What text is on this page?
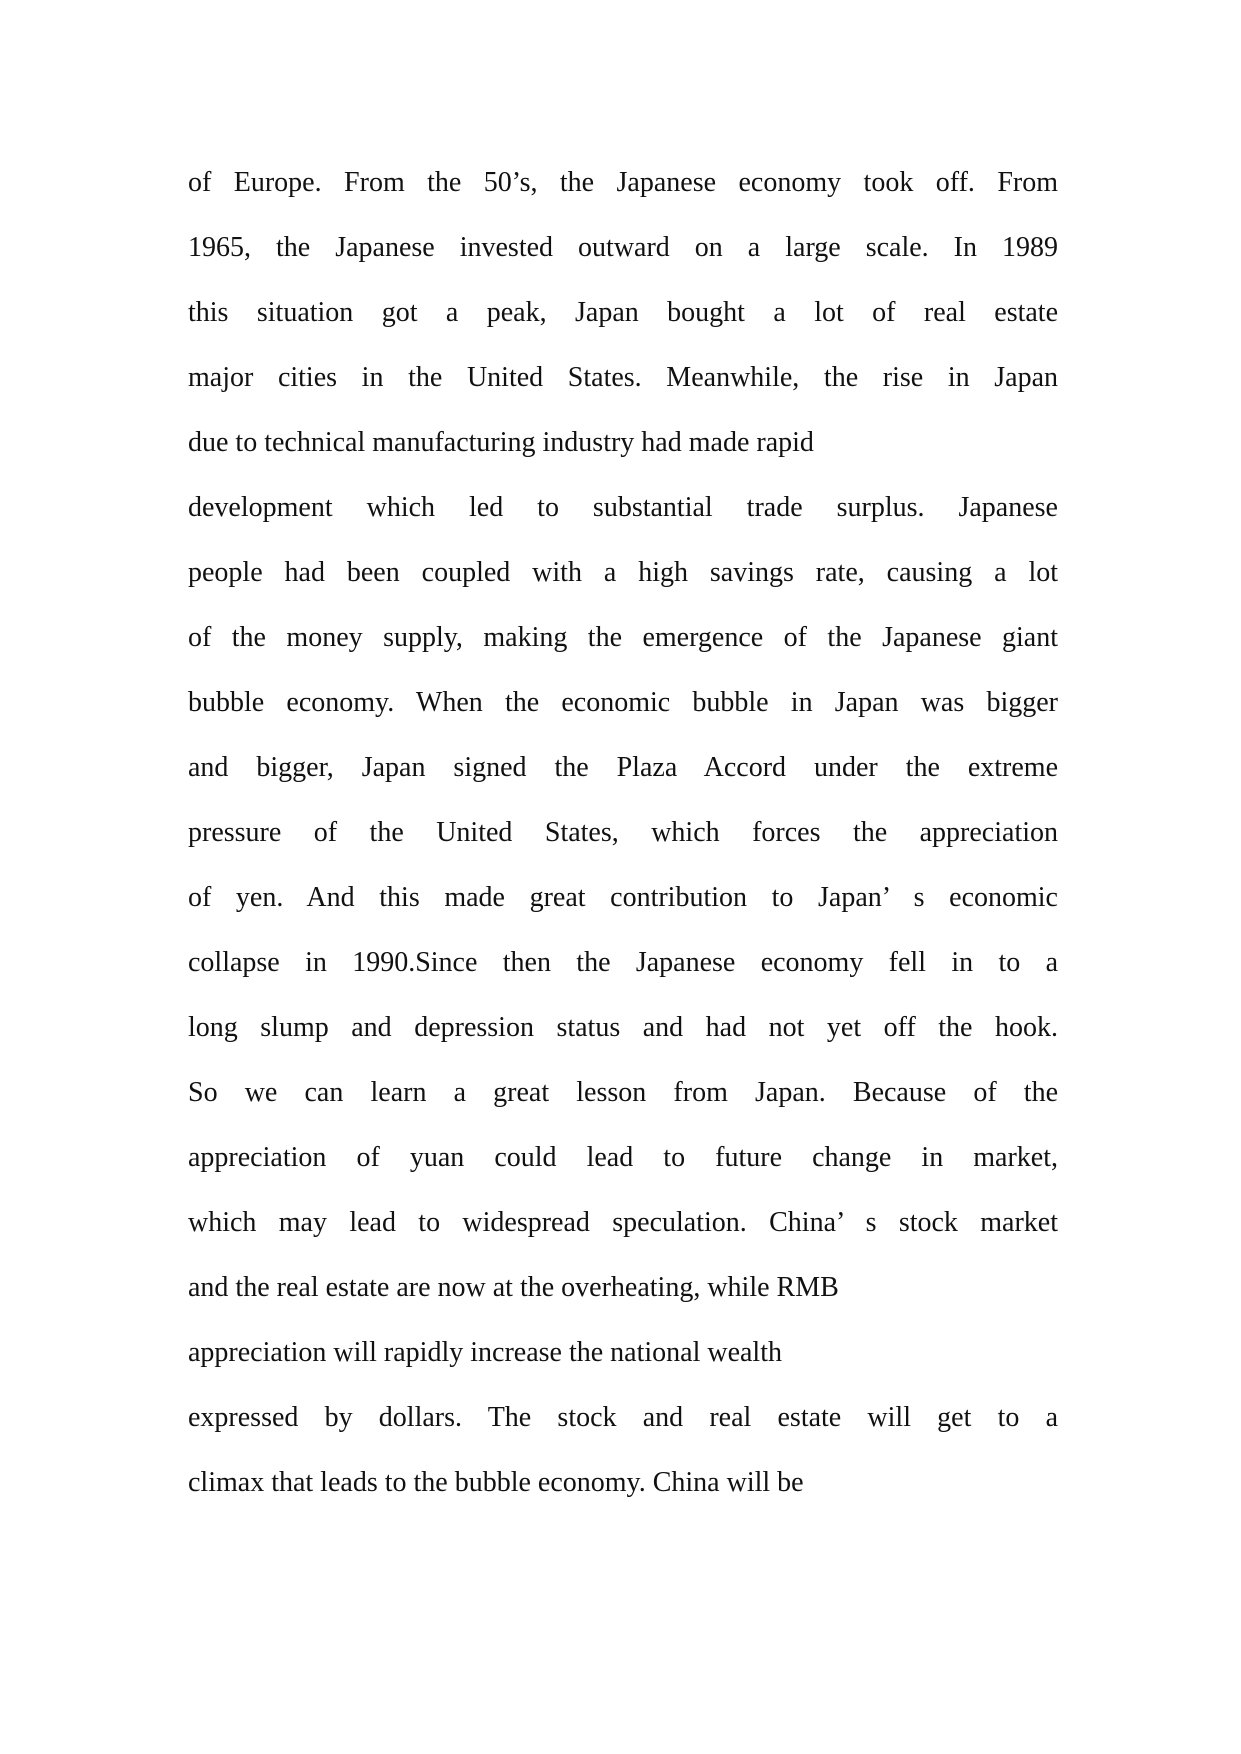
of Europe. From the 50’s, the Japanese economy took off. From
1965, the Japanese invested outward on a large scale. In 1989
this situation got a peak, Japan bought a lot of real estate
major cities in the United States. Meanwhile, the rise in Japan
due to technical manufacturing industry had made rapid
development which led to substantial trade surplus. Japanese
people had been coupled with a high savings rate, causing a lot
of the money supply, making the emergence of the Japanese giant
bubble economy. When the economic bubble in Japan was bigger
and bigger, Japan signed the Plaza Accord under the extreme
pressure of the United States, which forces the appreciation
of yen. And this made great contribution to Japan’ s economic
collapse in 1990.Since then the Japanese economy fell in to a
long slump and depression status and had not yet off the hook.
So we can learn a great lesson from Japan. Because of the
appreciation of yuan could lead to future change in market,
which may lead to widespread speculation. China’ s stock market
and the real estate are now at the overheating, while RMB
appreciation will rapidly increase the national wealth
expressed by dollars. The stock and real estate will get to a
climax that leads to the bubble economy. China will be
